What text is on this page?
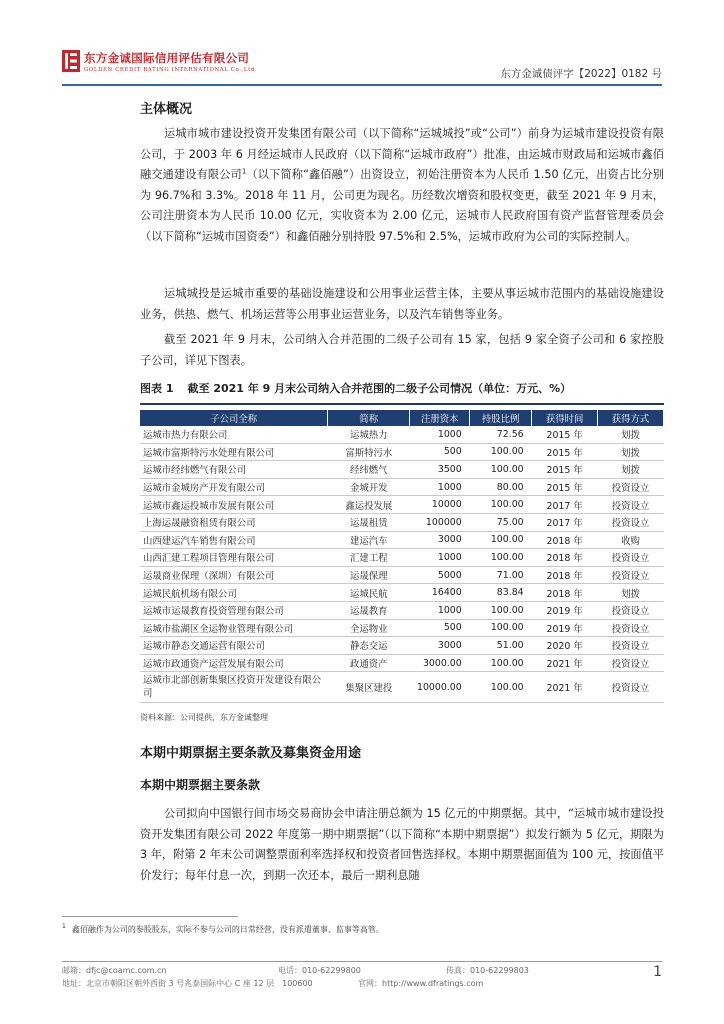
东方金诚国际信用评估有限公司
GOLDEN CREDIT RATING INTERNATIONAL Co.,Ltd.	东方金诚债评字【2022】0182 号
主体概况

运城市城市建设投资开发集团有限公司（以下简称“运城城投”或“公司”）前身为运城市建设投资有限公司，于 2003 年 6 月经运城市人民政府（以下简称“运城市政府”）批准，由运城市财政局和运城市鑫佰融交通建设有限公司$^1$（以下简称“鑫佰融”）出资设立，初始注册资本为人民币 1.50 亿元，出资占比分别为 96.7%和 3.3%。2018 年 11 月，公司更为现名。历经数次增资和股权变更，截至 2021 年 9 月末，公司注册资本为人民币 10.00 亿元，实收资本为 2.00 亿元，运城市人民政府国有资产监督管理委员会（以下简称“运城市国资委”）和鑫佰融分别持股 97.5%和 2.5%，运城市政府为公司的实际控制人。

运城城投是运城市重要的基础设施建设和公用事业运营主体，主要从事运城市范围内的基础设施建设业务，供热、燃气、机场运营等公用事业运营业务，以及汽车销售等业务。

截至 2021 年 9 月末，公司纳入合并范围的二级子公司有 15 家，包括 9 家全资子公司和 6 家控股子公司，详见下图表。

图表 1 截至 2021 年 9 月末公司纳入合并范围的二级子公司情况（单位：万元、%）
子公司全称	简称	注册资本	持股比例	获得时间	获得方式
运城市热力有限公司	运城热力	1000	72.56	2015 年	划拨
运城市富斯特污水处理有限公司	富斯特污水	500	100.00	2015 年	划拨
运城市经纬燃气有限公司	经纬燃气	3500	100.00	2015 年	划拨
运城市金城房产开发有限公司	金城开发	1000	80.00	2015 年	投资设立
运城市鑫运投城市发展有限公司	鑫运投发展	10000	100.00	2017 年	投资设立
上海运晟融资租赁有限公司	运晟租赁	100000	75.00	2017 年	投资设立
山西建运汽车销售有限公司	建运汽车	3000	100.00	2018 年	收购
山西汇建工程项目管理有限公司	汇建工程	1000	100.00	2018 年	投资设立
运晟商业保理（深圳）有限公司	运晟保理	5000	71.00	2018 年	投资设立
运城民航机场有限公司	运城民航	16400	83.84	2018 年	划拨
运城市运晟教育投资管理有限公司	运晟教育	1000	100.00	2019 年	投资设立
运城市盐湖区全运物业管理有限公司	全运物业	500	100.00	2019 年	投资设立
运城市静态交通运营有限公司	静态交运	3000	51.00	2020 年	投资设立
运城市政通资产运营发展有限公司	政通资产	3000.00	100.00	2021 年	投资设立
运城市北部创新集聚区投资开发建设有限公司	集聚区建投	10000.00	100.00	2021 年	投资设立
资料来源：公司提供，东方金诚整理
本期中期票据主要条款及募集资金用途
本期中期票据主要条款

公司拟向中国银行间市场交易商协会申请注册总额为 15 亿元的中期票据。其中，“运城市城市建设投资开发集团有限公司 2022 年度第一期中期票据”（以下简称“本期中期票据”）拟发行额为 5 亿元，期限为 3 年，附第 2 年末公司调整票面利率选择权和投资者回售选择权。本期中期票据面值为 100 元，按面值平价发行；每年付息一次，到期一次还本，最后一期利息随

$^1$ 鑫佰融作为公司的参股股东，实际不参与公司的日常经营，没有派遣董事、监事等高管。
邮箱：dfjc@coamc.com.cn	电话：010-62299800	传真：010-62299803
地址：北京市朝阳区朝外西街 3 号兆泰国际中心 C 座 12 层　100600	官网：http://www.dfratings.com
1
